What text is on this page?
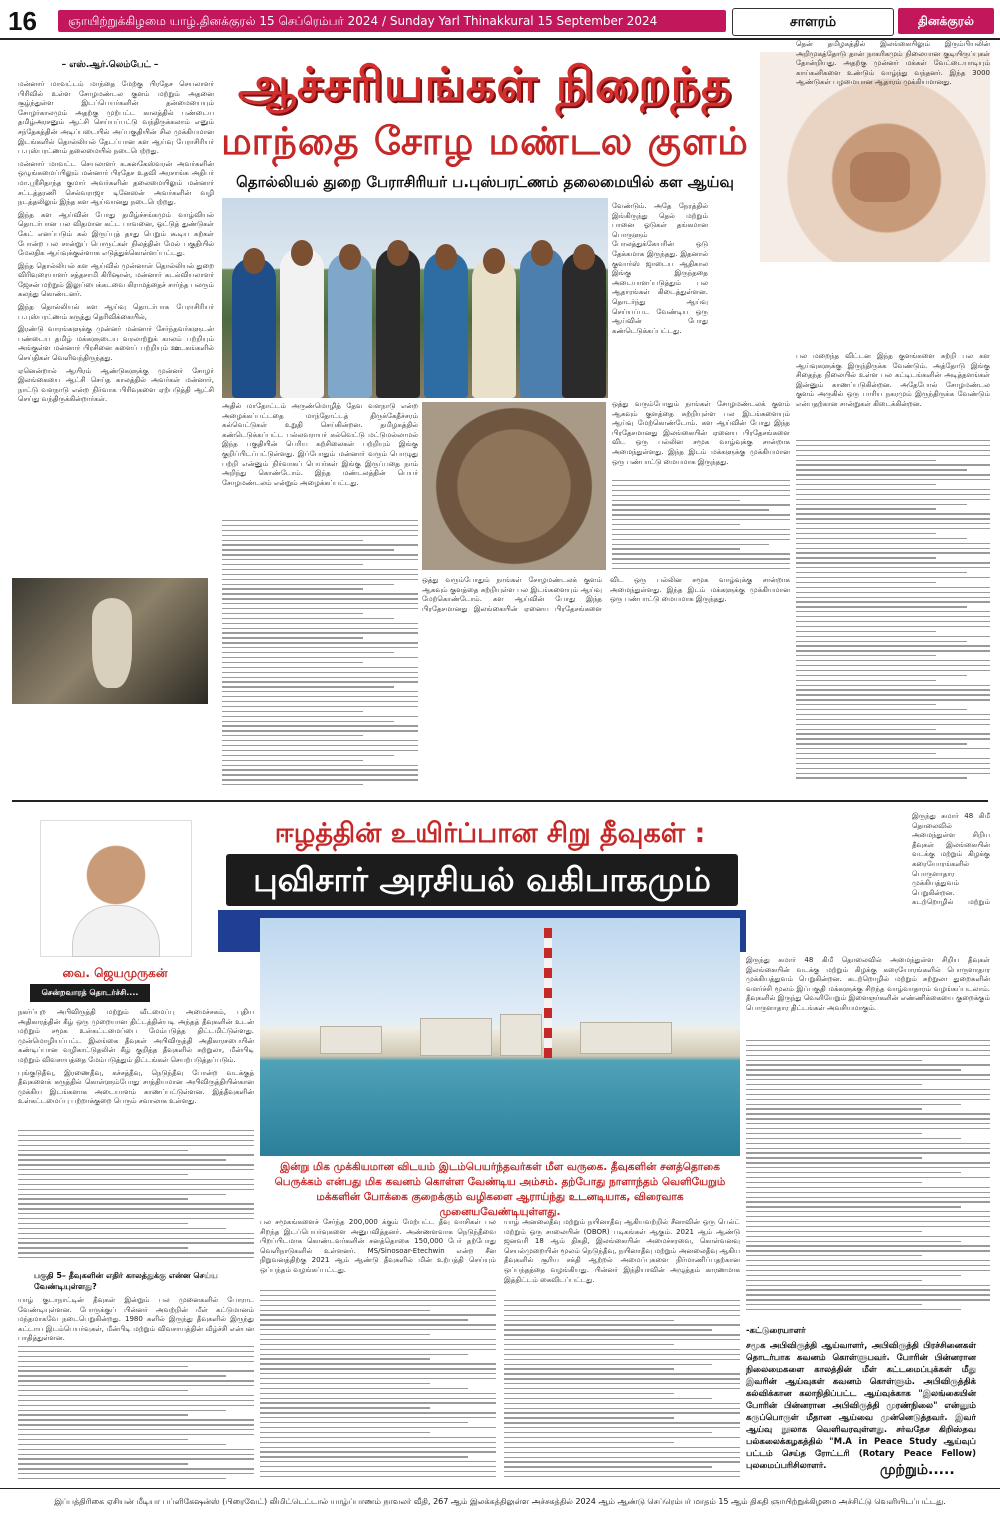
16	ஞாயிற்றுக்கிழமை யாழ்.தினக்குரல் 15 செப்ரெம்பர் 2024 / Sunday Yarl Thinakkural 15 September 2024	சாளரம்	தினக்குரல்
– எஸ்.ஆர்.லெம்பேட் –	ஆச்சரியங்கள் நிறைந்த
மாந்தை சோழ மண்டல குளம்
தொல்லியல் துறை பேராசிரியர் ப.புஸ்பரட்ணம் தலைமையில் கள ஆய்வு

மன்னார் மாவட்டம் மாந்தை மேற்கு பிரதேச செயலாளர் பிரிவில் உள்ள சோழமண்டல குளம் மற்றும் அதனை சூழ்ந்துள்ள இடப்பெயர்களின் தன்மையையும் சோழர்காலமும் அதற்கு முற்பட்ட காலத்தில் பண்டைய தமிழ்அரசனும் ஆட்சி செய்யப்பட்டு வந்திருக்கலாம் எனும் சந்தேகத்தின் அடிப்படையில் அப்பகுதியின் சில முக்கியமான இடங்களில் தொல்லியல் தேடப்பான கள ஆய்வு பேராசிரியர் ப.புஸ்பரட்ணம் தலைமையில் நடைபெற்றது.

மன்னார் மாவட்ட செயலாளர் க.கனகேஸ்வரன் அவர்களின் ஒழுங்கமைப்பிலும் மன்னார் பிரதேச உதவி அரசாங்க அதிபர் மா.ஸ்ரீசிதாந்த குமார் அவர்களின் தலைமையிலும் மன்னார் சட்டத்தரணி செல்வராஜா டினேஸன் அவர்களின் வழி நடத்தலிலும் இந்த கள ஆய்வானது நடைபெற்றது.

இந்த கள ஆய்வின் போது தமிழ்ச்சங்கமும் வாழ்வியல் தொடர்பான பல விதமான கட்ட பாவனை, ஓட்டுத் துண்டுகள் கேட் எனப்படும் கல் இருப்புத் தாது பெறும் கூடிய கற்கள் போன்ற பல சான்றுப் பொருட்கள் நிலத்தின் மேல் பகுதியில் மேலதிக ஆய்வுக்குள்ளாக எடுத்துக்கொள்ளப்பட்டது.

இந்த தொல்லியல் கள ஆய்வில் முன்னாள் தொல்லியல் துறை விரிவுரையாளர் சத்தசாமி கிரிஷான், மன்னார் கடல்வியலாளர் ஜேசன் மற்றும் இலுப்பைக்கடவை கிராமத்தைச் சார்ந்த பலரும் கலந்து கொண்டனர்.

இந்த தொல்லியல் கள ஆய்வு தொடர்பாக பேராசிரியர் ப.புஸ்பரட்ணம் கருத்து தெரிவிக்கையில்,

இரண்டு வாரங்களுக்கு முன்னர் மன்னார் சேர்ந்தவர்களுடன் பண்டைய தமிழ் மக்களுடைய வரலாற்றுக் காலம் பற்றியும் அங்குள்ள மன்னார் பிரசினை களைப் பற்றியும் ஊடகங்களில் செய்திகள் வெளிவந்திருந்தது.

ஏனென்றால் ஆயிரம் ஆண்டுகளுக்கு முன்னர் சோழர் இலங்கையை ஆட்சி செய்த காலத்தில் அவர்கள் மன்னார், நாட்டு வளநாடு என்ற நிர்வாக பிரிவுகளை ஏற்படுத்தி ஆட்சி செய்து வந்திருக்கின்றார்கள்.

அதில் மாதோட்டம் அருண்மொழித் தேவ வளநாடு என்ற அழைக்கப்பட்டதை மாந்தோட்டத் திருக்கேதீச்சரம் கல்வெட்டுகள் உறுதி செய்கின்றன. தமிழகத்தில் கண்டெடுக்கப்பட்ட பல்லவராயர் கல்வெட்டு மட்டுமல்லாமல் இந்த பகுதியின் பெரிய கற்சிலைகள் பற்றியும் இங்கு குறிப்பிடப்பட்டுள்ளது. இப்போதும் மன்னார் வரும் பொழுது பற்றி என்னும் நிர்வாகப் பெயர்கள் இங்கு இருப்பதை நாம் அறிந்து கொண்டோம். இந்த மண்டலத்தின் பெயர் சோழமண்டலம் என்றும் அழைக்கப்பட்டது.

வேண்டும். அதே நேரத்தில் இங்கிருந்து தெல் மற்றும் பானை ஓடுகள் தங்கமான பொருளும் போலத்துக்கேயரின் ஒடு தேக்கமாக இருந்தது. இதனால் குவார்ஸ் ஜாடைய ஆதிகால இங்கு இருந்ததை அடையாளப்படுத்தும் பல ஆதாரங்கள் கிடைத்துள்ளன. தொடர்ந்து ஆய்வு செய்யப்பட வேண்டிய ஒரு ஆய்வின் போது கண்டெடுக்கப்பட்டது.

ஒத்து வரும்போதும் நாங்கள் சோழமண்டலக் குளம் ஆகவும் குளத்தை சுற்றியுள்ள பல இடங்களையும் ஆய்வு மேற்கொண்டோம். கள ஆய்வின் போது இந்த பிரதேசமானது இலங்கையின் ஏனைய பிரதேசங்களை விட ஒரு பல்லின சமூக வாழ்வுக்கு சான்றாக அமைந்துள்ளது. இந்த இடம் மக்களுக்கு முக்கியமான ஒரு பண்பாட்டு மையமாக இருந்தது.

ஒத்து வரும்போதும் நாங்கள் சோழமண்டலக் குளம் ஆகவும் குளத்தை சுற்றியுள்ள பல இடங்களையும் ஆய்வு மேற்கொண்டோம். கள ஆய்வின் போது இந்த பிரதேசமானது இலங்கையின் ஏனைய பிரதேசங்களை விட ஒரு பல்லின சமூக வாழ்வுக்கு சான்றாக அமைந்துள்ளது. இந்த இடம் மக்களுக்கு முக்கியமான ஒரு பண்பாட்டு மையமாக இருந்தது.

தென் தமிழகத்தில் இலங்கையிலும் இரும்பியலின் அறிமுகத்தோடு தான் நாகரிகமும் நிலையான குடியிருப்புகள் தோன்றியது. அதற்கு முன்னர் மக்கள் வேட்டையாடியும் காய்கனிகளை உண்டும் வாழ்ந்து வந்தனர். இந்த 3000 ஆண்டுகள் பழமையான ஆதாரம் முக்கியமானது.

பல மறைந்த விட்டன இந்த குளங்களை சுற்றி பல கள ஆய்வுகளுக்கு இருந்திருக்க வேண்டும். அத்தோடு இங்கு சிதைந்த நிலையில் உள்ள பல கட்டிடங்களின் அடித்தளங்கள் இன்னும் காணப்படுகின்றன. அதேபோல் சோழமண்டல குளம் அருகில் ஒரு பாரிய நகரமும் இருந்திருக்க வேண்டும் என்பதற்கான சான்றுகள் கிடைக்கின்றன.

வை. ஜெயமுருகன்
சென்றவாரத் தொடர்ச்சி....
ஈழத்தின் உயிர்ப்பான சிறு தீவுகள் :
புவிசார் அரசியல் வகிபாகமும்

நகர்ப்புற அபிவிருத்தி மற்றும் வீடமைப்பு அமைச்சகம், புதிய அதிகாரத்தின் கீழ் ஒரு முறையான திட்டத்தின்படி அந்தத் தீவுகளின் உடன் மற்றும் சமூக உள்கட்டமைப்பை மேம்படுத்த திட்டமிட்டுள்ளது. முன்மொழியப்பட்ட இலங்கை தீவுகள் அபிவிருத்தி அதிகாரசபையின் கண்டிப்பான வழிகாட்டுதலின் கீழ் குறித்த தீவுகளில் சுற்றுலா, மீன்பிடி மற்றும் விவசாயத்தை மேம்படுத்தும் திட்டங்கள் செயற்படுத்தப்படும்.

புங்குடுதீவு, இரணைதீவு, கச்சத்தீவு, நெடுந்தீவு போன்ற வடக்குத் தீவுகளைக் கருத்தில் கொள்ளும்போது சாத்தியமான அபிவிருத்தியின்கான முக்கிய இடங்களாக அடையாளம் காணப்பட்டுள்ளன. இத்தீவுகளின் உள்கட்டமைப்பு பற்றாக்குறை பெரும் சவாலாக உள்ளது.

பகுதி 5– தீவுகளின் எதிர் காலத்துக்கு என்ன செய்ய வேண்டியுள்ளது?

யாழ் குடாநாட்டின் தீவுகள் இன்றும் பல முனைகளில் போராட வேண்டியுள்ளன. போருக்குப் பின்னர் அவற்றின் மீள் கட்டுமானம் மந்தமாகவே நடைபெறுகின்றது. 1980 களில் இருந்து தீவுகளில் இருந்து கட்டாய இடம்பெயர்வுகள், மீன்பிடி மற்றும் விவசாயத்தின் வீழ்ச்சி என்பன பாதித்துள்ளன.

இன்று மிக முக்கியமான விடயம் இடம்பெயர்ந்தவர்கள் மீள வருகை. தீவுகளின் சனத்தொகை பெருக்கம் என்பது மிக கவனம் கொள்ள வேண்டிய அம்சம். தற்போது நாளாந்தம் வெளியேறும் மக்களின் போக்கை குறைக்கும் வழிகளை ஆராய்ந்து உடனடியாக, விரைவாக முனையவேண்டியுள்ளது.

பல சமூகங்களைச் சேர்ந்த 200,000 க்கும் மேற்பட்ட தீவு வாசிகள் பல சிறந்த இடப்பெயர்வுகளை அனுபவித்தனர். அண்ணளவாக நெடுந்தீவை பிறப்பிடமாக கொண்டவர்களின் சனத்தொகை 150,000 பேர் தற்போது வெளிநாடுகளில் உள்ளனர். MS/Sinosoar-Etechwin என்ற சீன நிறுவனத்திற்கு 2021 ஆம் ஆண்டு தீவுகளில் மின் உற்பத்தி செய்யும் ஒப்பந்தம் வழங்கப்பட்டது.

யாழ் அனலைதீவு மற்றும் நயினாதீவு ஆகியவற்றில் சீனாவின் ஒரு பெல்ட் மற்றும் ஒரு சாலையின் (OBOR) படிகங்கள் ஆகும். 2021 ஆம் ஆண்டு ஜனவரி 18 ஆம் திகதி, இலங்கையின் அமைச்சரவை, கொள்வனவு செயல்முறையின் மூலம் நெடுந்தீவு, நயினாதீவு மற்றும் அனலைதீவு ஆகிய தீவுகளில் சூரிய சக்தி ஆற்றல் அமைப்புகளை நிர்மாணிப்பதற்கான ஒப்பந்தத்தை வழங்கியது. பின்னர் இந்தியாவின் அழுத்தம் காரணமாக இத்திட்டம் கைவிடப்பட்டது.

இருந்து சுமார் 48 கிமீ தொலைவில் அமைந்துள்ள சிறிய தீவுகள் இலங்கையின் வடக்கு மற்றும் கிழக்கு கரையோரங்களில் பொருளாதார முக்கியத்துவம் பெறுகின்றன. கடற்றொழில் மற்றும்

இருந்து சுமார் 48 கிமீ தொலைவில் அமைந்துள்ள சிறிய தீவுகள் இலங்கையின் வடக்கு மற்றும் கிழக்கு கரையோரங்களில் பொருளாதார முக்கியத்துவம் பெறுகின்றன. கடற்றொழில் மற்றும் சுற்றுலா துறைகளின் வளர்ச்சி மூலம் இப்பகுதி மக்களுக்கு சிறந்த வாழ்வாதாரம் வழங்கப்படலாம். தீவுகளில் இருந்து வெளியேறும் இளைஞர்களின் எண்ணிக்கையை குறைக்கும் பொருளாதார திட்டங்கள் அவசியமாகும்.

-கட்டுரையாளர்
சமூக அபிவிருத்தி ஆய்வாளர், அபிவிருத்தி பிரச்சினைகள் தொடர்பாக கவனம் கொள்ளுபவர். போரின் பின்னரான நிலைமைகளை காலத்தின் மீள் கட்டமைப்புக்கள் மீது இவரின் ஆய்வுகள் கவனம் கொள்ளும். அபிவிருத்திக் கல்விக்கான கலாநிதிப்பட்ட ஆய்வுக்காக "இலங்கையின் போரின் பின்னரான அபிவிருத்தி முரண்நிலை" என்னும் கருப்பொருள் மீதான ஆய்வை முன்னெடுத்தவர். இவர் ஆய்வு நூலாக வெளிவரவுள்ளது. சர்வதேச கிறிஸ்தவ பல்கலைக்கழகத்தில் "M.A in Peace Study ஆய்வுப் பட்டம் செய்த ரோட்டரி (Rotary Peace Fellow) புலமைப்பரிசிலாளர்.	முற்றும்.....
இப்பத்திரிகை ஏசியன் மீடியா பப்ளிகேஷன்ஸ் (பிரைவேட்) லிமிட்டெட்டால் யாழ்ப்பாணம் நாவலர் வீதி, 267 ஆம் இலக்கத்திலுள்ள அச்சகத்தில் 2024 ஆம் ஆண்டு செப்ரெம்பர் மாதம் 15 ஆம் திகதி ஞாயிற்றுக்கிழமை அச்சிட்டு வெளியிடப்பட்டது.
